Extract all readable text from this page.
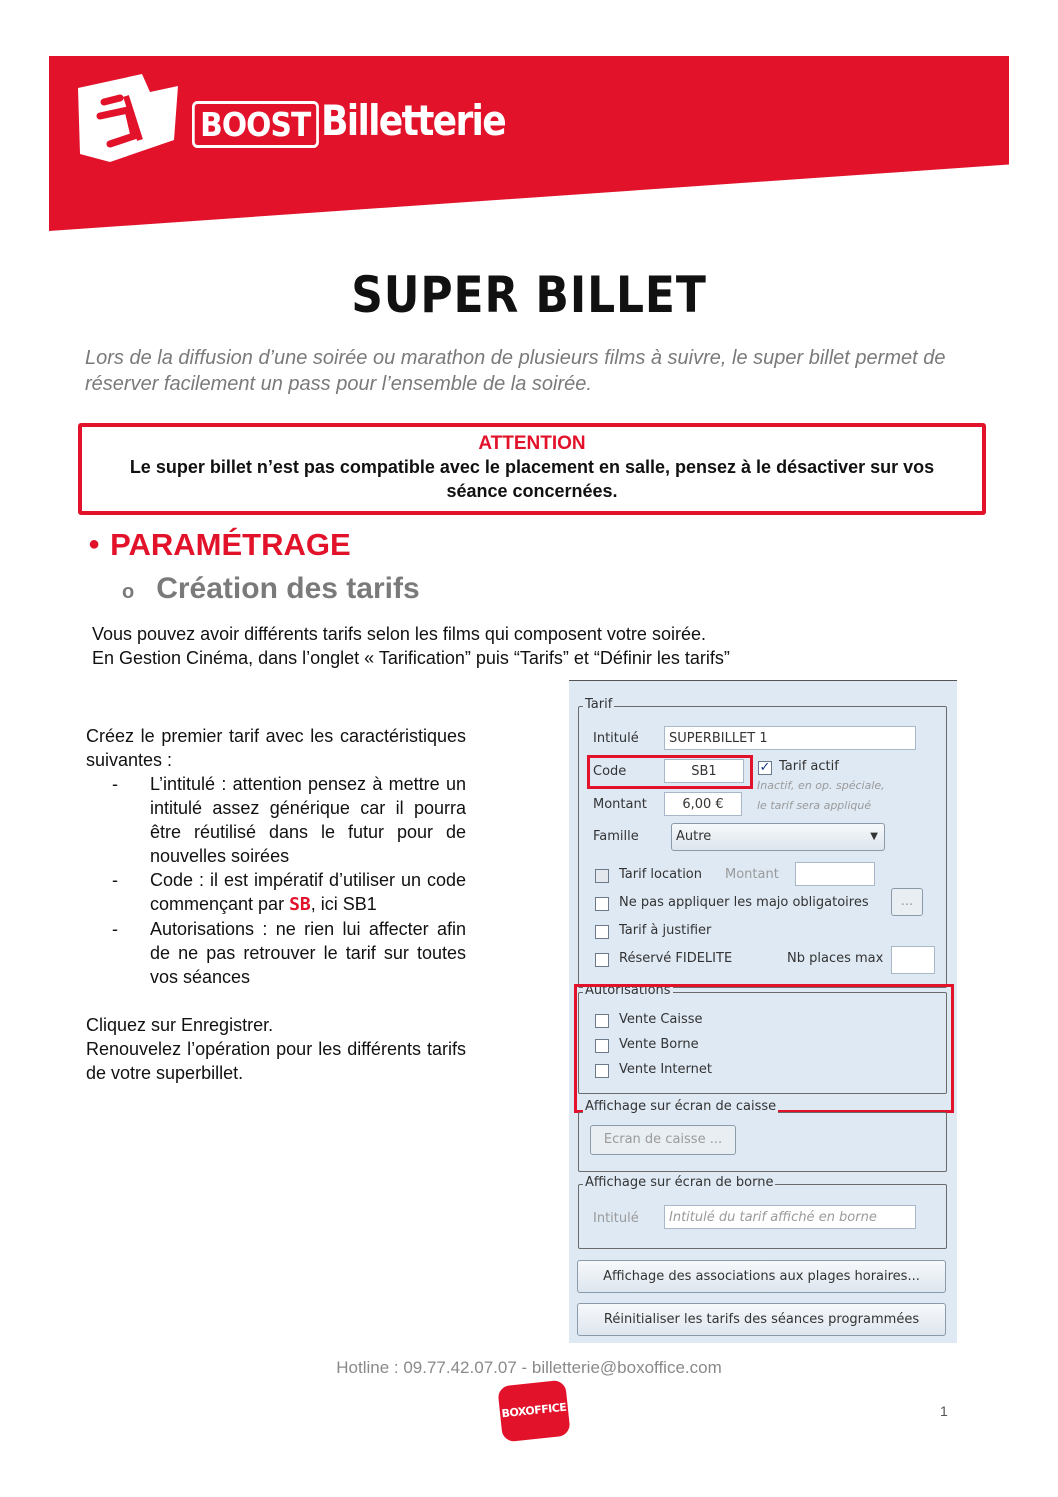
BOOST Billetterie
SUPER BILLET
Lors de la diffusion d’une soirée ou marathon de plusieurs films à suivre, le super billet permet de réserver facilement un pass pour l’ensemble de la soirée.
ATTENTION
Le super billet n’est pas compatible avec le placement en salle, pensez à le désactiver sur vos séance concernées.
● PARAMÉTRAGE
o Création des tarifs
Vous pouvez avoir différents tarifs selon les films qui composent votre soirée.
En Gestion Cinéma, dans l’onglet « Tarification” puis “Tarifs” et “Définir les tarifs”

Créez le premier tarif avec les caractéristiques suivantes :

- L’intitulé : attention pensez à mettre un intitulé assez générique car il pourra être réutilisé dans le futur pour de nouvelles soirées
- Code : il est impératif d’utiliser un code commençant par SB, ici SB1
- Autorisations : ne rien lui affecter afin de ne pas retrouver le tarif sur toutes vos séances

Cliquez sur Enregistrer.

Renouvelez l’opération pour les différents tarifs de votre superbillet.

Tarif
Intitulé	SUPERBILLET 1
Code	SB1	✓ Tarif actif
Inactif, en op. spéciale,
le tarif sera appliqué
Montant	6,00 €
Famille	Autre	▼
Tarif location Montant
Ne pas appliquer les majo obligatoires	...
Tarif à justifier
Réservé FIDELITE	Nb places max
Autorisations
Vente Caisse
Vente Borne
Vente Internet
Affichage sur écran de caisse
Ecran de caisse ...
Affichage sur écran de borne
Intitulé	Intitulé du tarif affiché en borne
Affichage des associations aux plages horaires...
Réinitialiser les tarifs des séances programmées
Hotline : 09.77.42.07.07 - billetterie@boxoffice.com
BOXOFFICE	1
